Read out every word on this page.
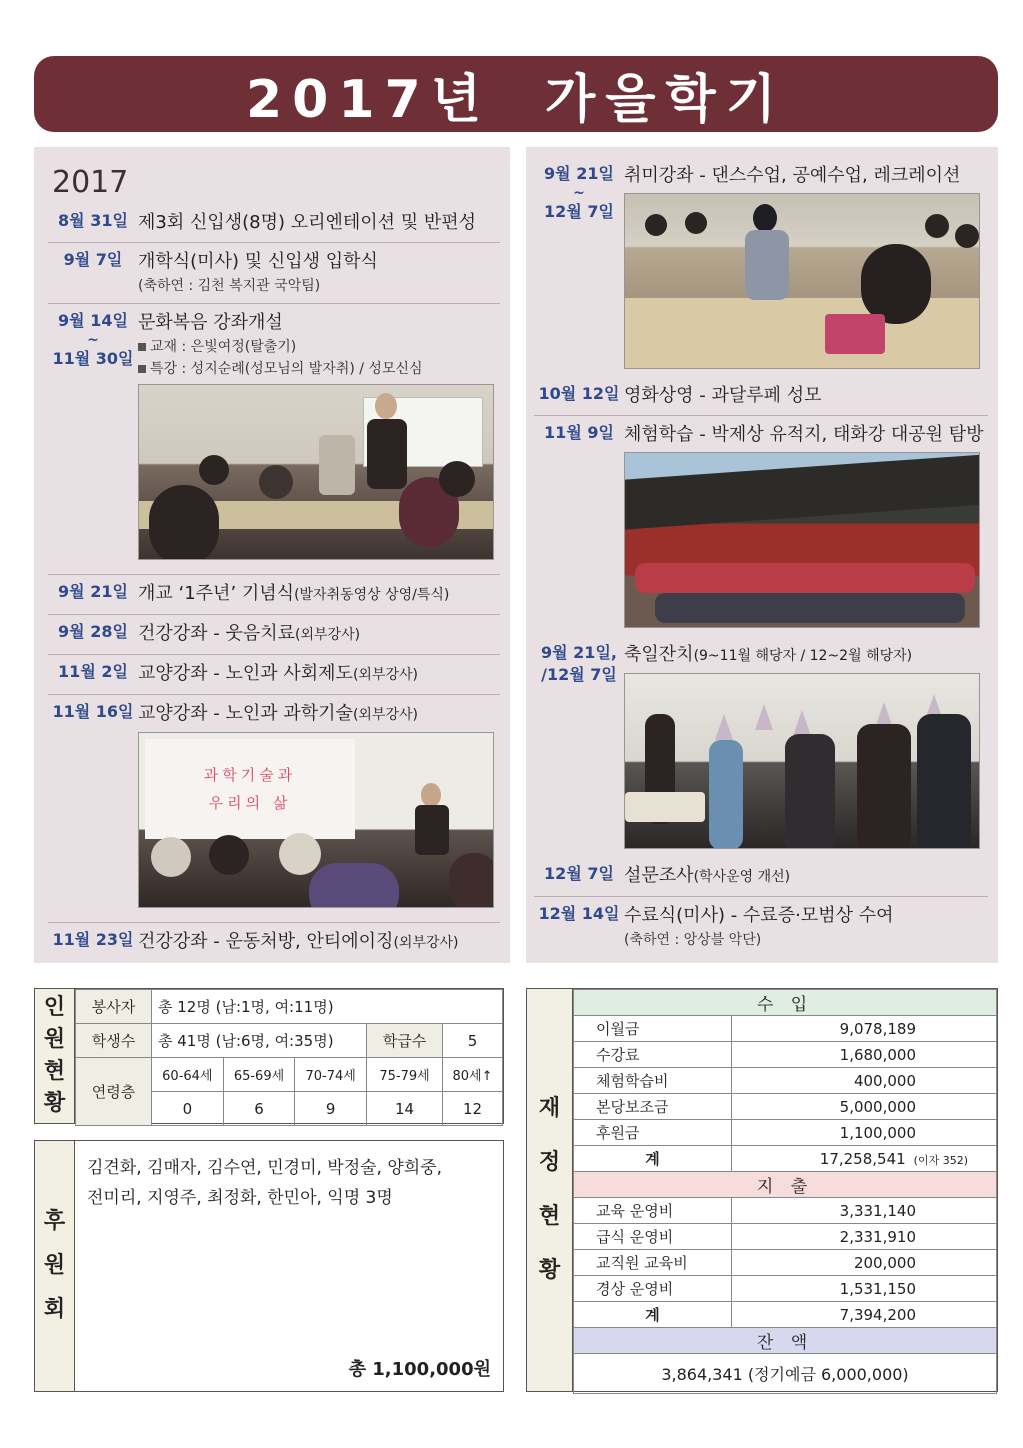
2017년 가을학기
2017
8월 31일 제3회 신입생(8명) 오리엔테이션 및 반편성
9월 7일 개학식(미사) 및 신입생 입학식
(축하연 : 김천 복지관 국악팀)
9월 14일
~
11월 30일
문화복음 강좌개설
교재 : 은빛여정(탈출기)
특강 : 성지순례(성모님의 발자취) / 성모신심
9월 21일 개교 ‘1주년’ 기념식(발자취동영상 상영/특식)
9월 28일 건강강좌 - 웃음치료(외부강사)
11월 2일 교양강좌 - 노인과 사회제도(외부강사)
11월 16일 교양강좌 - 노인과 과학기술(외부강사)
과학기술과
우리의 삶
11월 23일 건강강좌 - 운동처방, 안티에이징(외부강사)
9월 21일
~
12월 7일
취미강좌 - 댄스수업, 공예수업, 레크레이션
10월 12일 영화상영 - 과달루페 성모
11월 9일 체험학습 - 박제상 유적지, 태화강 대공원 탐방
9월 21일,
/12월 7일
축일잔치(9~11월 해당자 / 12~2월 해당자)
12월 7일 설문조사(학사운영 개선)
12월 14일 수료식(미사) - 수료증·모범상 수여
(축하연 : 앙상블 악단)
인
원
현
황
봉사자	총 12명 (남:1명, 여:11명)				
학생수	총 41명 (남:6명, 여:35명)			학급수	5
연령층	60-64세	65-69세	70-74세	75-79세	80세↑
	0	6	9	14	12
후
원
회
김견화, 김매자, 김수연, 민경미, 박정술, 양희중,
전미리, 지영주, 최정화, 한민아, 익명 3명
총 1,100,000원
재
정
현
황
수 입	
이월금	9,078,189
수강료	1,680,000
체험학습비	400,000
본당보조금	5,000,000
후원금	1,100,000
계	17,258,541 (이자 352)
지 출	
교육 운영비	3,331,140
급식 운영비	2,331,910
교직원 교육비	200,000
경상 운영비	1,531,150
계	7,394,200
잔 액	
3,864,341 (정기예금 6,000,000)	
